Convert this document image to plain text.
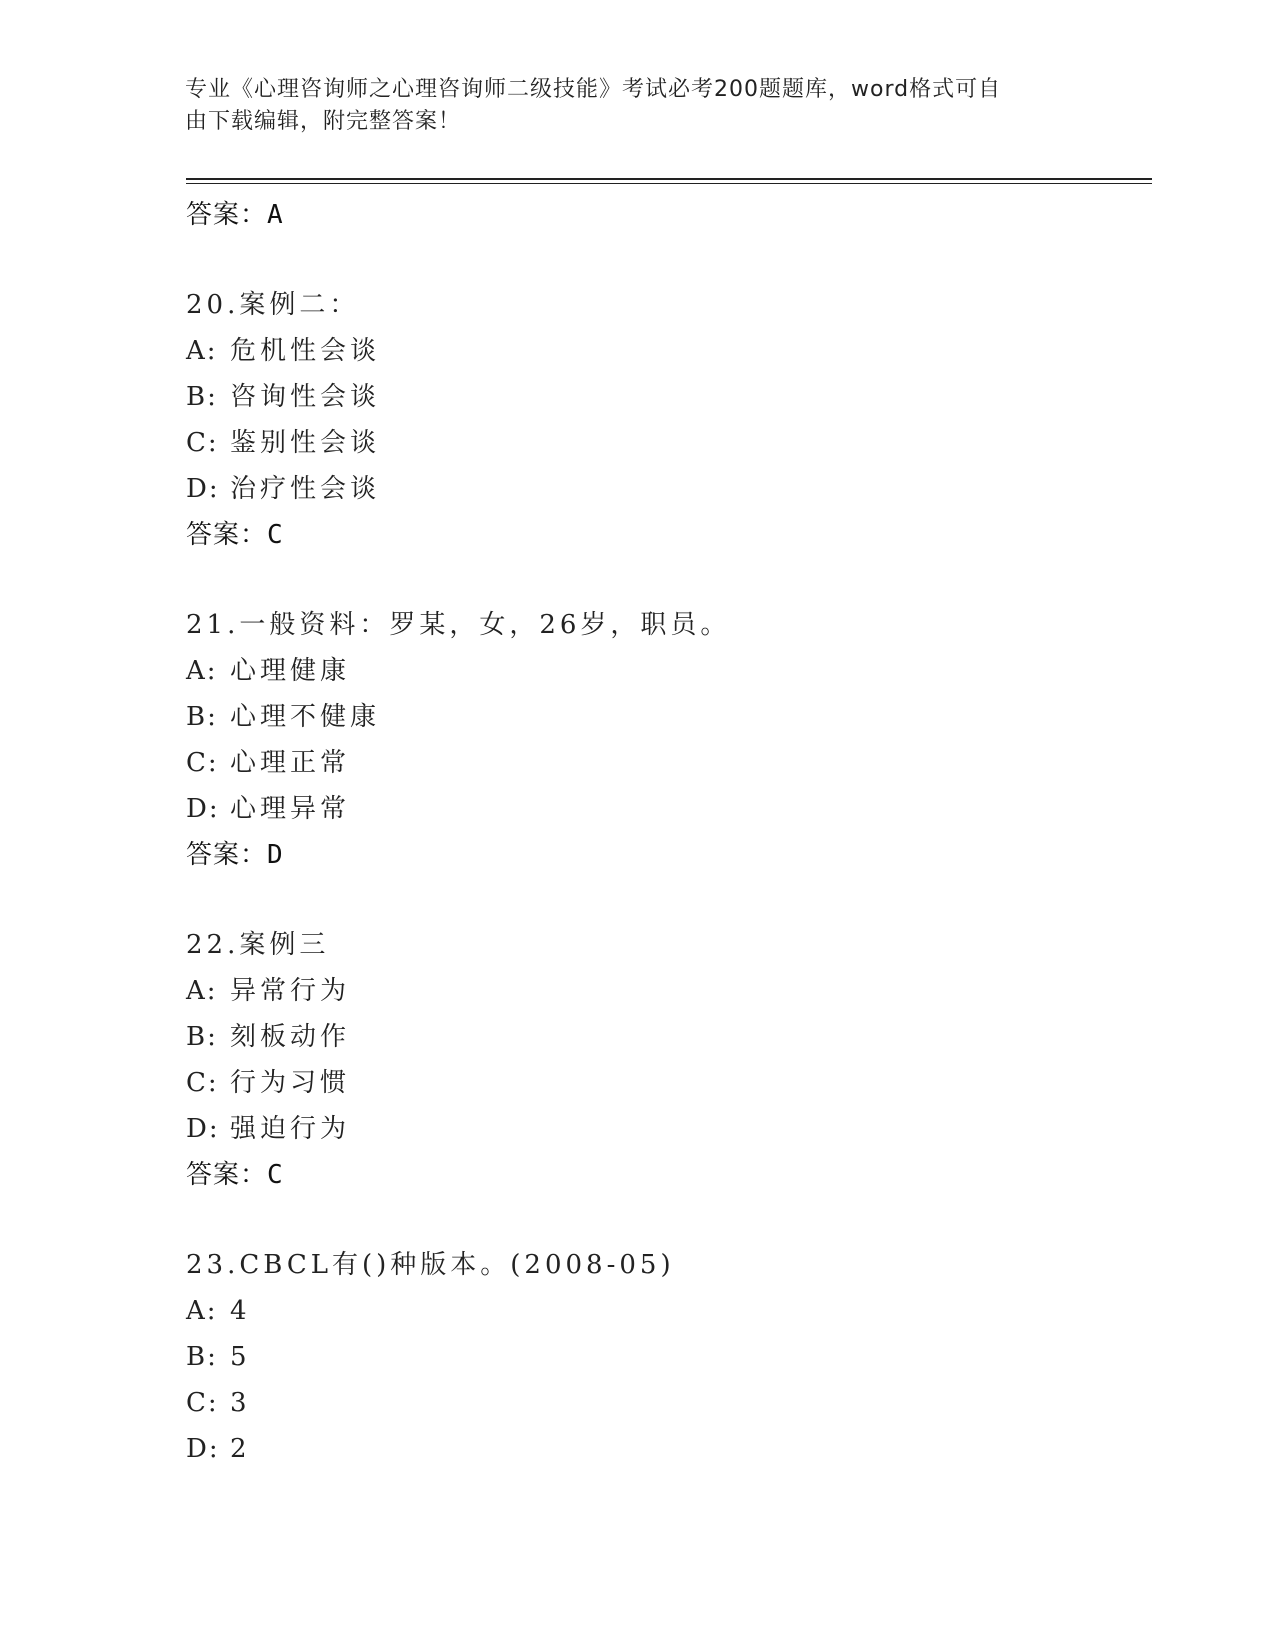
专业《心理咨询师之心理咨询师二级技能》考试必考200题题库，word格式可自
由下载编辑，附完整答案！
答案：A
20.案例二：
A: 危机性会谈
B: 咨询性会谈
C: 鉴别性会谈
D: 治疗性会谈
答案：C
21.一般资料：罗某，女，26岁，职员。
A: 心理健康
B: 心理不健康
C: 心理正常
D: 心理异常
答案：D
22.案例三
A: 异常行为
B: 刻板动作
C: 行为习惯
D: 强迫行为
答案：C
23.CBCL有()种版本。(2008-05)
A: 4
B: 5
C: 3
D: 2
